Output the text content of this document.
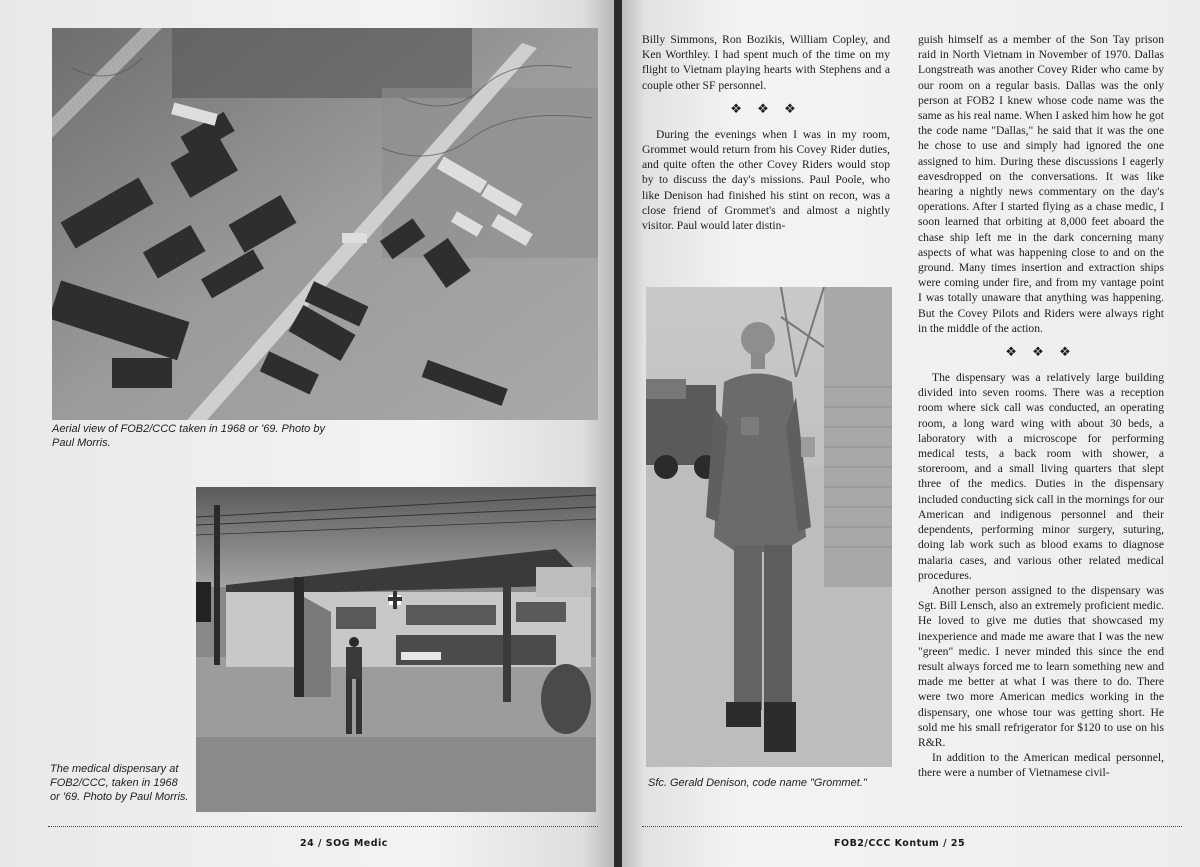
Aerial view of FOB2/CCC taken in 1968 or '69. Photo by Paul Morris.
The medical dispensary at FOB2/CCC, taken in 1968 or '69. Photo by Paul Morris.
24 / SOG Medic

Billy Simmons, Ron Bozikis, William Copley, and Ken Worthley. I had spent much of the time on my flight to Vietnam playing hearts with Stephens and a couple other SF personnel.

❖ ❖ ❖

During the evenings when I was in my room, Grommet would return from his Covey Rider duties, and quite often the other Covey Riders would stop by to discuss the day's missions. Paul Poole, who like Denison had finished his stint on recon, was a close friend of Grommet's and almost a nightly visitor. Paul would later distin-

Sfc. Gerald Denison, code name "Grommet."

guish himself as a member of the Son Tay prison raid in North Vietnam in November of 1970. Dallas Longstreath was another Covey Rider who came by our room on a regular basis. Dallas was the only person at FOB2 I knew whose code name was the same as his real name. When I asked him how he got the code name "Dallas," he said that it was the one he chose to use and simply had ignored the one assigned to him. During these discussions I eagerly eavesdropped on the conversations. It was like hearing a nightly news commentary on the day's operations. After I started flying as a chase medic, I soon learned that orbiting at 8,000 feet aboard the chase ship left me in the dark concerning many aspects of what was happening close to and on the ground. Many times insertion and extraction ships were coming under fire, and from my vantage point I was totally unaware that anything was happening. But the Covey Pilots and Riders were always right in the middle of the action.

❖ ❖ ❖

The dispensary was a relatively large building divided into seven rooms. There was a reception room where sick call was conducted, an operating room, a long ward wing with about 30 beds, a laboratory with a microscope for performing medical tests, a back room with shower, a storeroom, and a small living quarters that slept three of the medics. Duties in the dispensary included conducting sick call in the mornings for our American and indigenous personnel and their dependents, performing minor surgery, suturing, doing lab work such as blood exams to diagnose malaria cases, and various other related medical procedures.

Another person assigned to the dispensary was Sgt. Bill Lensch, also an extremely proficient medic. He loved to give me duties that showcased my inexperience and made me aware that I was the new "green" medic. I never minded this since the end result always forced me to learn something new and made me better at what I was there to do. There were two more American medics working in the dispensary, one whose tour was getting short. He sold me his small refrigerator for $120 to use on his R&R.

In addition to the American medical personnel, there were a number of Vietnamese civil-

FOB2/CCC Kontum / 25
